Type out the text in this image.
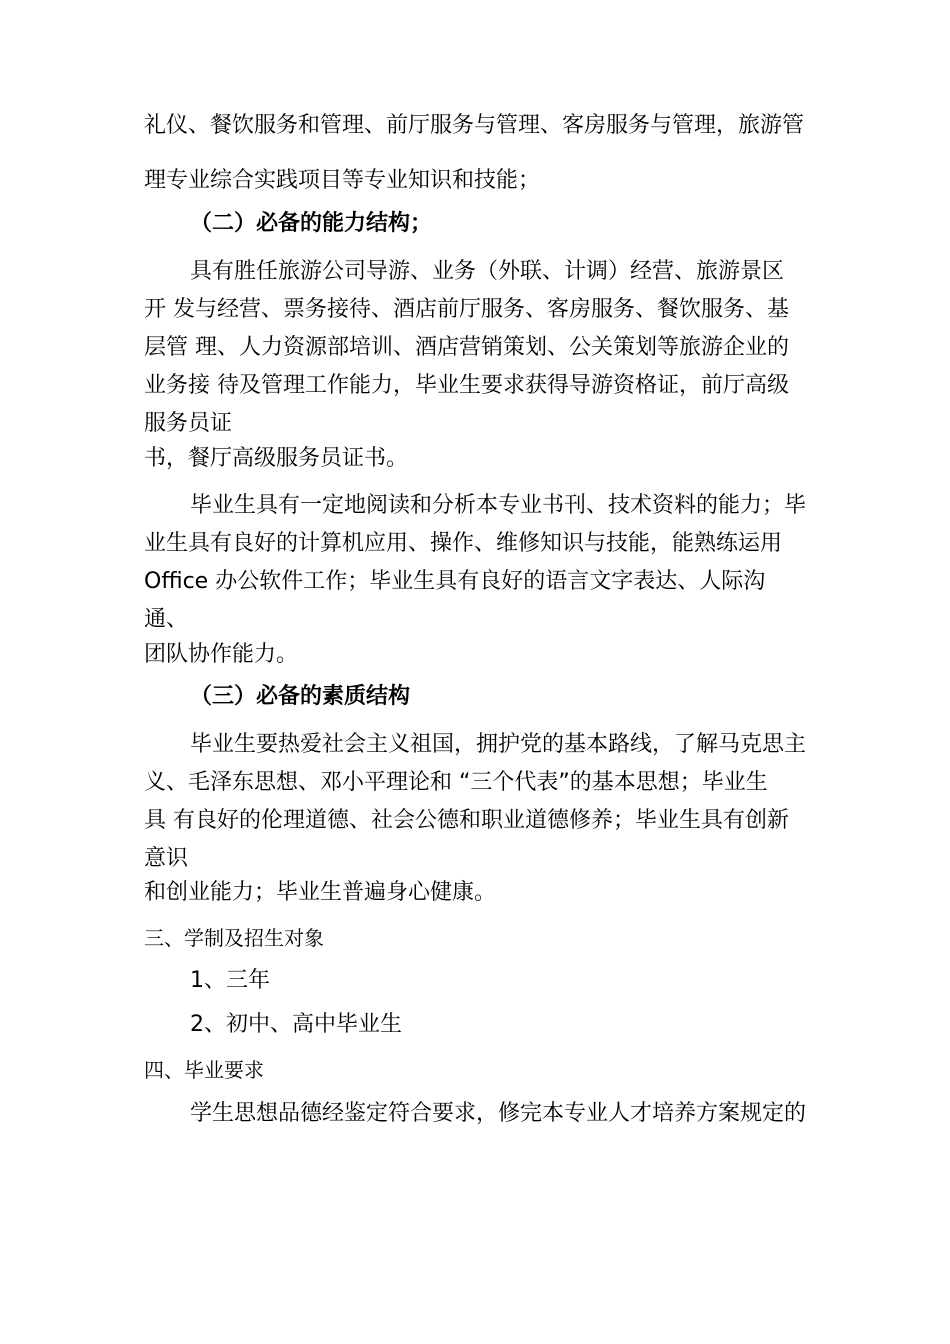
礼仪、餐饮服务和管理、前厅服务与管理、客房服务与管理，旅游管
理专业综合实践项目等专业知识和技能；
（二）必备的能力结构；
具有胜任旅游公司导游、业务（外联、计调）经营、旅游景区
开 发与经营、票务接待、酒店前厅服务、客房服务、餐饮服务、基
层管 理、人力资源部培训、酒店营销策划、公关策划等旅游企业的
业务接 待及管理工作能力，毕业生要求获得导游资格证，前厅高级
服务员证
书，餐厅高级服务员证书。
毕业生具有一定地阅读和分析本专业书刊、技术资料的能力；毕
业生具有良好的计算机应用、操作、维修知识与技能，能熟练运用
Office 办公软件工作；毕业生具有良好的语言文字表达、人际沟
通、
团队协作能力。
（三）必备的素质结构
毕业生要热爱社会主义祖国，拥护党的基本路线，了解马克思主
义、毛泽东思想、邓小平理论和 “三个代表”的基本思想；毕业生
具 有良好的伦理道德、社会公德和职业道德修养；毕业生具有创新
意识
和创业能力；毕业生普遍身心健康。
三、学制及招生对象
1、三年
2、初中、高中毕业生
四、毕业要求
学生思想品德经鉴定符合要求，修完本专业人才培养方案规定的
